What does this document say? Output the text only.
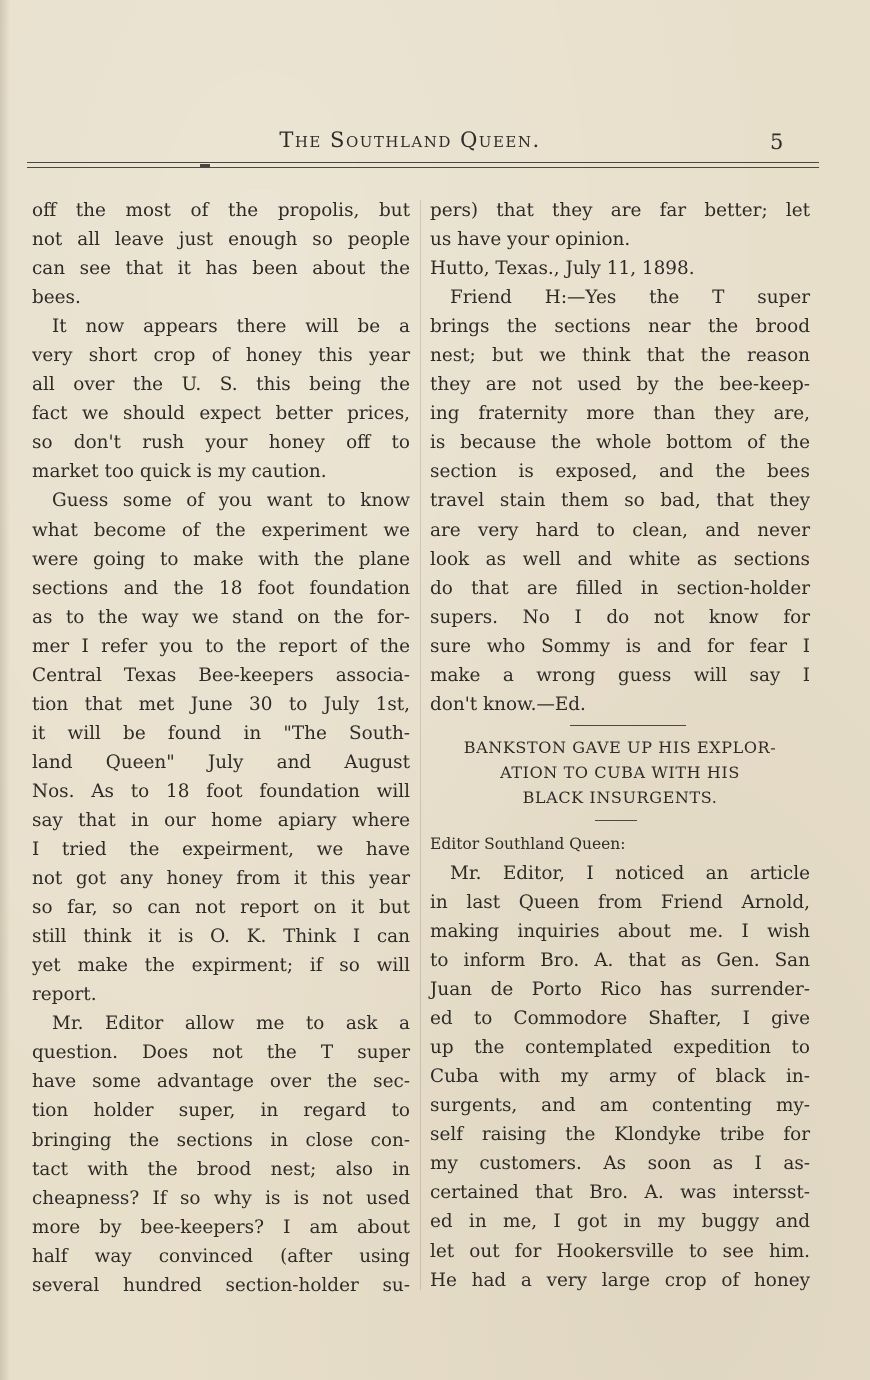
The Southland Queen.	5
off the most of the propolis, but
not all leave just enough so people
can see that it has been about the
bees.
It now appears there will be a
very short crop of honey this year
all over the U. S. this being the
fact we should expect better prices,
so don't rush your honey off to
market too quick is my caution.
Guess some of you want to know
what become of the experiment we
were going to make with the plane
sections and the 18 foot foundation
as to the way we stand on the for-
mer I refer you to the report of the
Central Texas Bee-keepers associa-
tion that met June 30 to July 1st,
it will be found in "The South-
land Queen" July and August
Nos. As to 18 foot foundation will
say that in our home apiary where
I tried the expeirment, we have
not got any honey from it this year
so far, so can not report on it but
still think it is O. K. Think I can
yet make the expirment; if so will
report.
Mr. Editor allow me to ask a
question. Does not the T super
have some advantage over the sec-
tion holder super, in regard to
bringing the sections in close con-
tact with the brood nest; also in
cheapness? If so why is is not used
more by bee-keepers? I am about
half way convinced (after using
several hundred section-holder su-
pers) that they are far better; let
us have your opinion.
Hutto, Texas., July 11, 1898.
Friend H:—Yes the T super
brings the sections near the brood
nest; but we think that the reason
they are not used by the bee-keep-
ing fraternity more than they are,
is because the whole bottom of the
section is exposed, and the bees
travel stain them so bad, that they
are very hard to clean, and never
look as well and white as sections
do that are filled in section-holder
supers. No I do not know for
sure who Sommy is and for fear I
make a wrong guess will say I
don't know.—Ed.
BANKSTON GAVE UP HIS EXPLOR-
ATION TO CUBA WITH HIS
BLACK INSURGENTS.
Editor Southland Queen:
Mr. Editor, I noticed an article
in last Queen from Friend Arnold,
making inquiries about me. I wish
to inform Bro. A. that as Gen. San
Juan de Porto Rico has surrender-
ed to Commodore Shafter, I give
up the contemplated expedition to
Cuba with my army of black in-
surgents, and am contenting my-
self raising the Klondyke tribe for
my customers. As soon as I as-
certained that Bro. A. was intersst-
ed in me, I got in my buggy and
let out for Hookersville to see him.
He had a very large crop of honey
